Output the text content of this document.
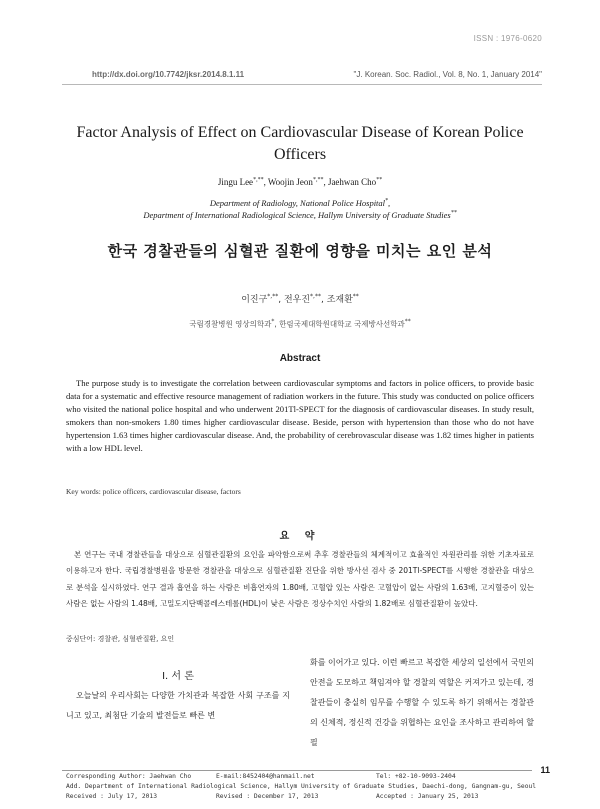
ISSN : 1976-0620
http://dx.doi.org/10.7742/jksr.2014.8.1.11	"J. Korean. Soc. Radiol., Vol. 8, No. 1, January 2014"
Factor Analysis of Effect on Cardiovascular Disease of Korean Police
Officers
Jingu Lee*,**, Woojin Jeon*,**, Jaehwan Cho**
Department of Radiology, National Police Hospital*,
Department of International Radiological Science, Hallym University of Graduate Studies**
한국 경찰관들의 심혈관 질환에 영향을 미치는 요인 분석
이진구*,**, 전우진*,**, 조재환**
국립경찰병원 영상의학과*, 한림국제대학원대학교 국제방사선학과**
Abstract
The purpose study is to investigate the correlation between cardiovascular symptoms and factors in police officers, to provide basic data for a systematic and effective resource management of radiation workers in the future. This study was conducted on police officers who visited the national police hospital and who underwent 201Tl-SPECT for the diagnosis of cardiovascular diseases. In study result, smokers than non-smokers 1.80 times higher cardiovascular disease. Beside, person with hypertension than those who do not have hypertension 1.63 times higher cardiovascular disease. And, the probability of cerebrovascular disease was 1.82 times higher in patients with a low HDL level.
Key words: police officers, cardiovascular disease, factors
요 약
본 연구는 국내 경찰관들을 대상으로 심혈관질환의 요인을 파악함으로써 추후 경찰관들의 체계적이고 효율적인 자원관리를 위한 기초자료로 이용하고자 한다. 국립경찰병원을 방문한 경찰관을 대상으로 심혈관질환 진단을 위한 방사선 검사 중 201Tl-SPECT를 시행한 경찰관을 대상으로 분석을 실시하였다. 연구 결과 흡연을 하는 사람은 비흡연자의 1.80배, 고혈압 있는 사람은 고혈압이 없는 사람의 1.63배, 고지혈증이 있는 사람은 없는 사람의 1.48배, 고밀도지단백콜레스테롤(HDL)이 낮은 사람은 정상수치인 사람의 1.82배로 심혈관질환이 높았다.
중심단어: 경찰관, 심혈관질환, 요인
I. 서 론
오늘날의 우리사회는 다양한 가치관과 복잡한 사회 구조를 지니고 있고, 최첨단 기술의 발전들로 빠른 변
화를 이어가고 있다. 이런 빠르고 복잡한 세상의 일선에서 국민의 안전을 도모하고 책임져야 할 경찰의 역할은 커져가고 있는데, 경찰관들이 충실히 임무를 수행할 수 있도록 하기 위해서는 경찰관의 신체적, 정신적 건강을 위협하는 요인을 조사하고 관리하여 할 필
Corresponding Author: Jaehwan Cho	E-mail:8452404@hanmail.net	Tel: +82-10-9093-2404
Add. Department of International Radiological Science, Hallym University of Graduate Studies, Daechi-dong, Gangnam-gu, Seoul
Received : July 17, 2013	Revised : December 17, 2013	Accepted : January 25, 2013
11
